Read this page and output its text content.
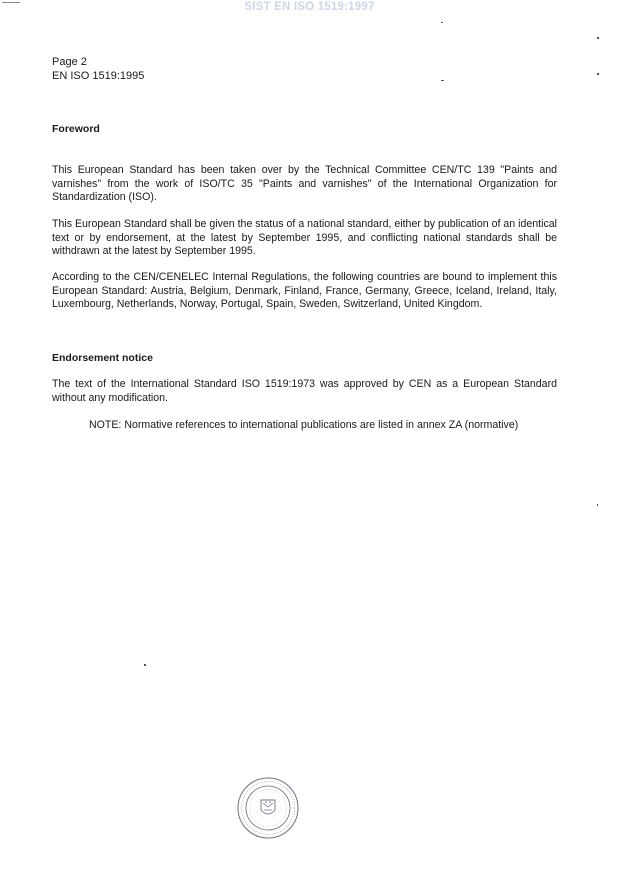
SIST EN ISO 1519:1997
Page 2
EN ISO 1519:1995
Foreword
This European Standard has been taken over by the Technical Committee CEN/TC 139 "Paints and varnishes" from the work of ISO/TC 35 "Paints and varnishes" of the International Organization for Standardization (ISO).
This European Standard shall be given the status of a national standard, either by publication of an identical text or by endorsement, at the latest by September 1995, and conflicting national standards shall be withdrawn at the latest by September 1995.
According to the CEN/CENELEC Internal Regulations, the following countries are bound to implement this European Standard: Austria, Belgium, Denmark, Finland, France, Germany, Greece, Iceland, Ireland, Italy, Luxembourg, Netherlands, Norway, Portugal, Spain, Sweden, Switzerland, United Kingdom.
Endorsement notice
The text of the International Standard ISO 1519:1973 was approved by CEN as a European Standard without any modification.
NOTE: Normative references to international publications are listed in annex ZA (normative)
